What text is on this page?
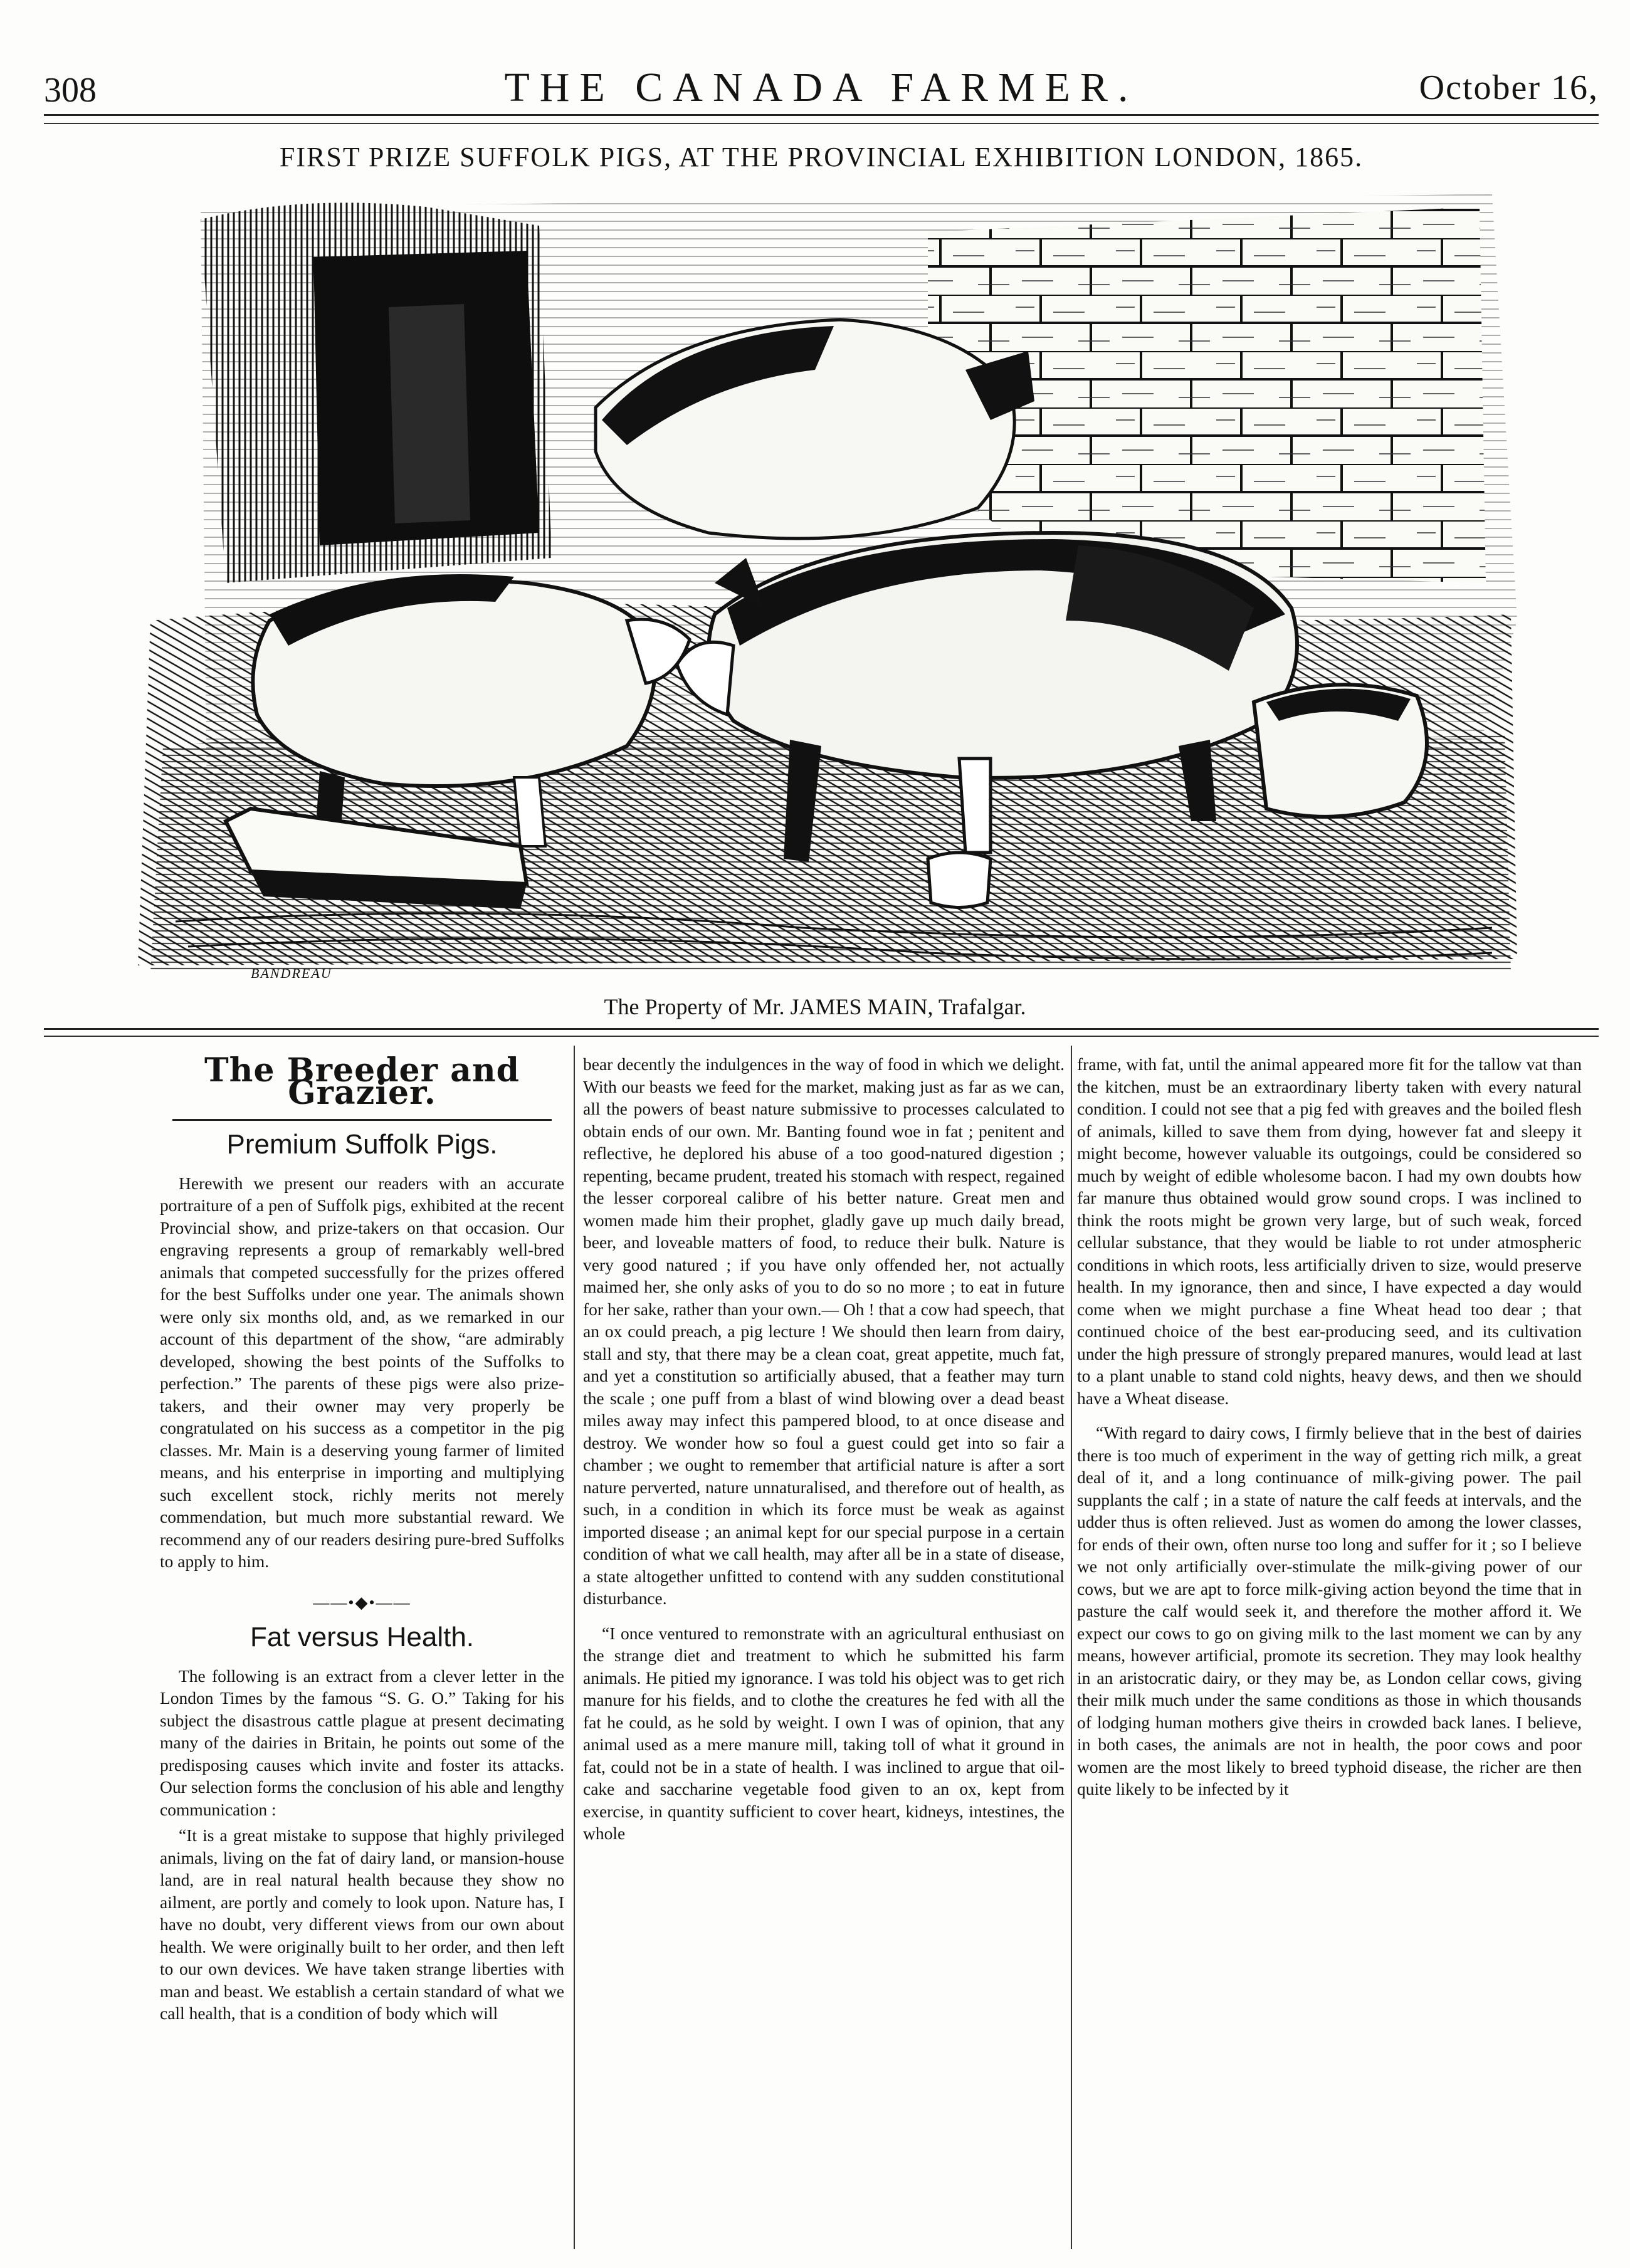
308	THE CANADA FARMER.	October 16,
FIRST PRIZE SUFFOLK PIGS, AT THE PROVINCIAL EXHIBITION LONDON, 1865.
BANDREAU
The Property of Mr. JAMES MAIN, Trafalgar.
The Breeder and Grazier.
Premium Suffolk Pigs.

Herewith we present our readers with an accurate portraiture of a pen of Suffolk pigs, exhibited at the recent Provincial show, and prize-takers on that occasion. Our engraving represents a group of remarkably well-bred animals that competed successfully for the prizes offered for the best Suffolks under one year. The animals shown were only six months old, and, as we remarked in our account of this department of the show, “are admirably developed, showing the best points of the Suffolks to perfection.” The parents of these pigs were also prize-takers, and their owner may very properly be congratulated on his success as a competitor in the pig classes. Mr. Main is a deserving young farmer of limited means, and his enterprise in importing and multiplying such excellent stock, richly merits not merely commendation, but much more substantial reward. We recommend any of our readers desiring pure-bred Suffolks to apply to him.

——•◆•——
Fat versus Health.

The following is an extract from a clever letter in the London Times by the famous “S. G. O.” Taking for his subject the disastrous cattle plague at present decimating many of the dairies in Britain, he points out some of the predisposing causes which invite and foster its attacks. Our selection forms the conclusion of his able and lengthy communication :

“It is a great mistake to suppose that highly privileged animals, living on the fat of dairy land, or mansion-house land, are in real natural health because they show no ailment, are portly and comely to look upon. Nature has, I have no doubt, very different views from our own about health. We were originally built to her order, and then left to our own devices. We have taken strange liberties with man and beast. We establish a certain standard of what we call health, that is a condition of body which will

bear decently the indulgences in the way of food in which we delight. With our beasts we feed for the market, making just as far as we can, all the powers of beast nature submissive to processes calculated to obtain ends of our own. Mr. Banting found woe in fat ; penitent and reflective, he deplored his abuse of a too good-natured digestion ; repenting, became prudent, treated his stomach with respect, regained the lesser corporeal calibre of his better nature. Great men and women made him their prophet, gladly gave up much daily bread, beer, and loveable matters of food, to reduce their bulk. Nature is very good natured ; if you have only offended her, not actually maimed her, she only asks of you to do so no more ; to eat in future for her sake, rather than your own.— Oh ! that a cow had speech, that an ox could preach, a pig lecture ! We should then learn from dairy, stall and sty, that there may be a clean coat, great appetite, much fat, and yet a constitution so artificially abused, that a feather may turn the scale ; one puff from a blast of wind blowing over a dead beast miles away may infect this pampered blood, to at once disease and destroy. We wonder how so foul a guest could get into so fair a chamber ; we ought to remember that artificial nature is after a sort nature perverted, nature unnaturalised, and therefore out of health, as such, in a condition in which its force must be weak as against imported disease ; an animal kept for our special purpose in a certain condition of what we call health, may after all be in a state of disease, a state altogether unfitted to contend with any sudden constitutional disturbance.

“I once ventured to remonstrate with an agricultural enthusiast on the strange diet and treatment to which he submitted his farm animals. He pitied my ignorance. I was told his object was to get rich manure for his fields, and to clothe the creatures he fed with all the fat he could, as he sold by weight. I own I was of opinion, that any animal used as a mere manure mill, taking toll of what it ground in fat, could not be in a state of health. I was inclined to argue that oil-cake and saccharine vegetable food given to an ox, kept from exercise, in quantity sufficient to cover heart, kidneys, intestines, the whole

frame, with fat, until the animal appeared more fit for the tallow vat than the kitchen, must be an extraordinary liberty taken with every natural condition. I could not see that a pig fed with greaves and the boiled flesh of animals, killed to save them from dying, however fat and sleepy it might become, however valuable its outgoings, could be considered so much by weight of edible wholesome bacon. I had my own doubts how far manure thus obtained would grow sound crops. I was inclined to think the roots might be grown very large, but of such weak, forced cellular substance, that they would be liable to rot under atmospheric conditions in which roots, less artificially driven to size, would preserve health. In my ignorance, then and since, I have expected a day would come when we might purchase a fine Wheat head too dear ; that continued choice of the best ear-producing seed, and its cultivation under the high pressure of strongly prepared manures, would lead at last to a plant unable to stand cold nights, heavy dews, and then we should have a Wheat disease.

“With regard to dairy cows, I firmly believe that in the best of dairies there is too much of experiment in the way of getting rich milk, a great deal of it, and a long continuance of milk-giving power. The pail supplants the calf ; in a state of nature the calf feeds at intervals, and the udder thus is often relieved. Just as women do among the lower classes, for ends of their own, often nurse too long and suffer for it ; so I believe we not only artificially over-stimulate the milk-giving power of our cows, but we are apt to force milk-giving action beyond the time that in pasture the calf would seek it, and therefore the mother afford it. We expect our cows to go on giving milk to the last moment we can by any means, however artificial, promote its secretion. They may look healthy in an aristocratic dairy, or they may be, as London cellar cows, giving their milk much under the same conditions as those in which thousands of lodging human mothers give theirs in crowded back lanes. I believe, in both cases, the animals are not in health, the poor cows and poor women are the most likely to breed typhoid disease, the richer are then quite likely to be infected by it
